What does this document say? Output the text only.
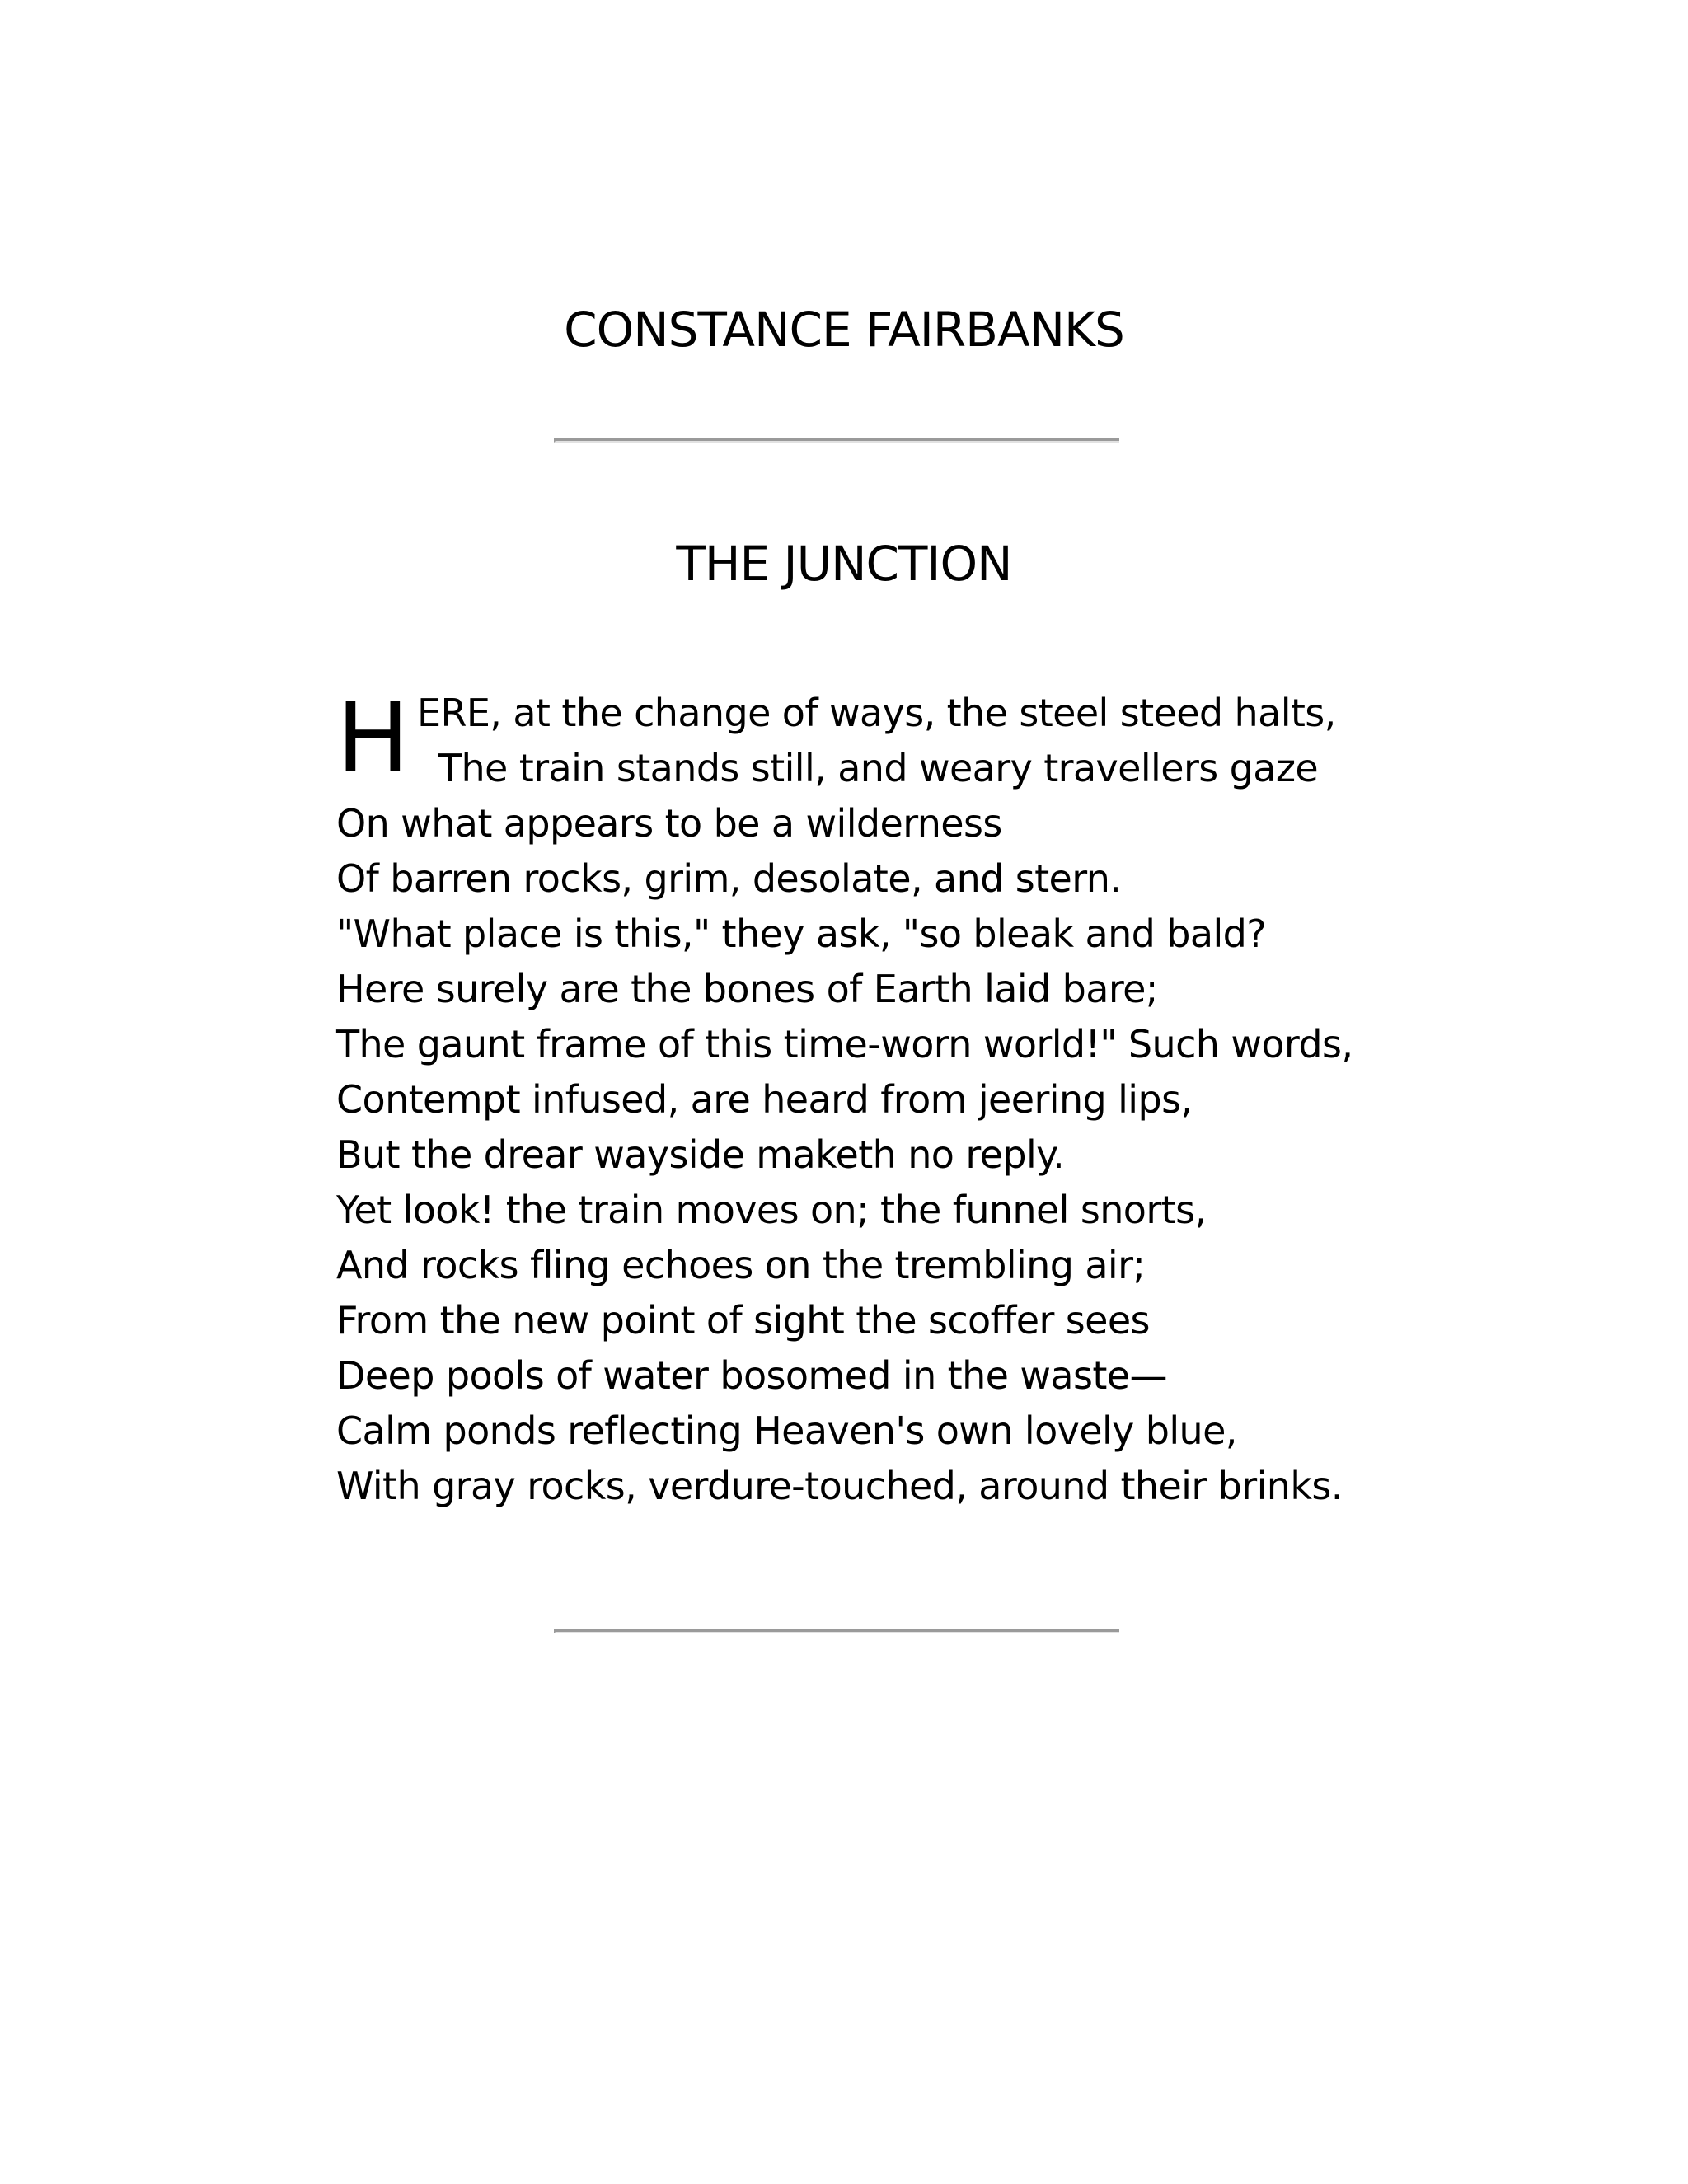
CONSTANCE FAIRBANKS
THE JUNCTION
H ERE, at the change of ways, the steel steed halts,
The train stands still, and weary travellers gaze
On what appears to be a wilderness
Of barren rocks, grim, desolate, and stern.
"What place is this," they ask, "so bleak and bald?
Here surely are the bones of Earth laid bare;
The gaunt frame of this time-worn world!" Such words,
Contempt infused, are heard from jeering lips,
But the drear wayside maketh no reply.
Yet look! the train moves on; the funnel snorts,
And rocks fling echoes on the trembling air;
From the new point of sight the scoffer sees
Deep pools of water bosomed in the waste—
Calm ponds reflecting Heaven's own lovely blue,
With gray rocks, verdure-touched, around their brinks.
